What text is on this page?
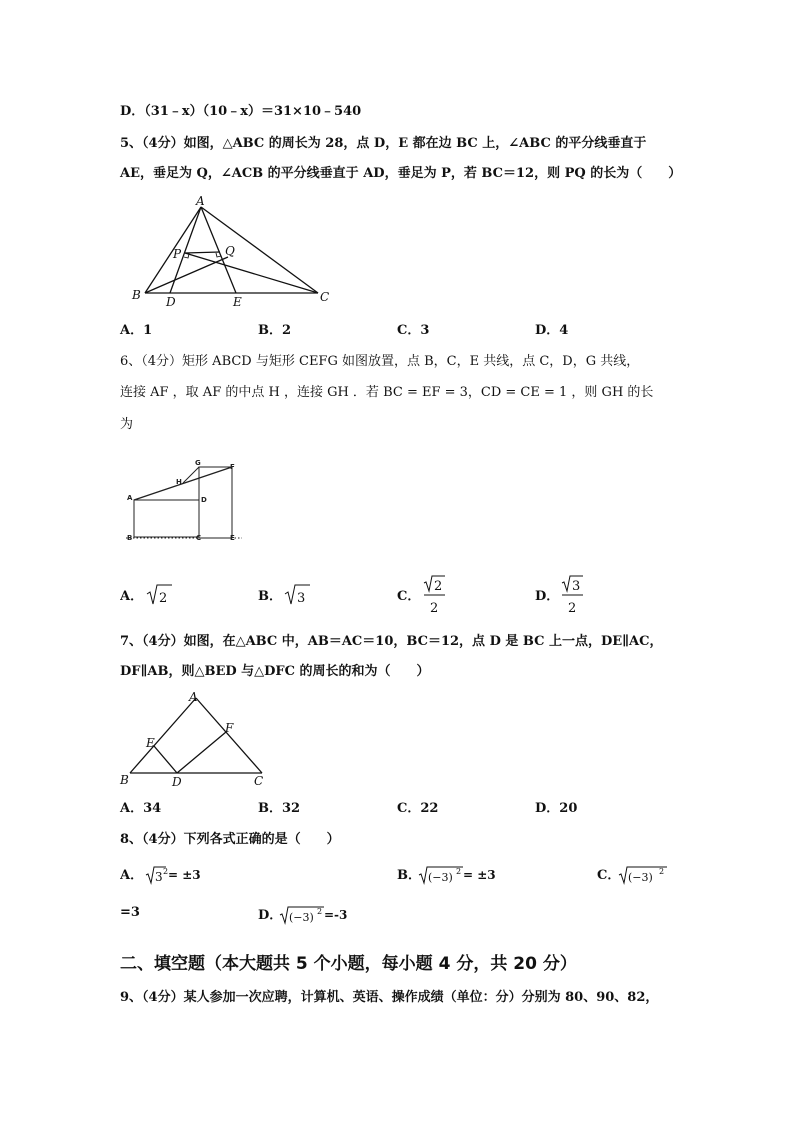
D．（31﹣x）（10﹣x）＝31×10﹣540
5、（4分）如图，△ABC 的周长为 28，点 D，E 都在边 BC 上，∠ABC 的平分线垂直于
AE，垂足为 Q，∠ACB 的平分线垂直于 AD，垂足为 P，若 BC＝12，则 PQ 的长为（　　）
A
B	C
D	E
P	Q
A．1	B．2	C．3	D．4
6、（4分）矩形 ABCD 与矩形 CEFG 如图放置，点 B，C，E 共线，点 C，D，G 共线，
连接 AF ，取 AF 的中点 H ，连接 GH ．若 BC = EF = 3，CD = CE = 1 ，则 GH 的长
为
G	F
H
A	D
B	C	E
A． 2	B． 3	C．
2
2
D．
3
2
7、（4分）如图，在△ABC 中，AB＝AC＝10，BC＝12，点 D 是 BC 上一点，DE∥AC，
DF∥AB，则△BED 与△DFC 的周长的和为（　　）
A
B	C
D
E
F
A．34	B．32	C．22	D．20
8、（4分）下列各式正确的是（　　）
A． 3 2 = ±3	B． (−3) 2 = ±3	C． (−3) 2
=3	D． (−3) 2 =-3
二、填空题（本大题共 5 个小题，每小题 4 分，共 20 分）
9、（4分）某人参加一次应聘，计算机、英语、操作成绩（单位：分）分别为 80、90、82，
